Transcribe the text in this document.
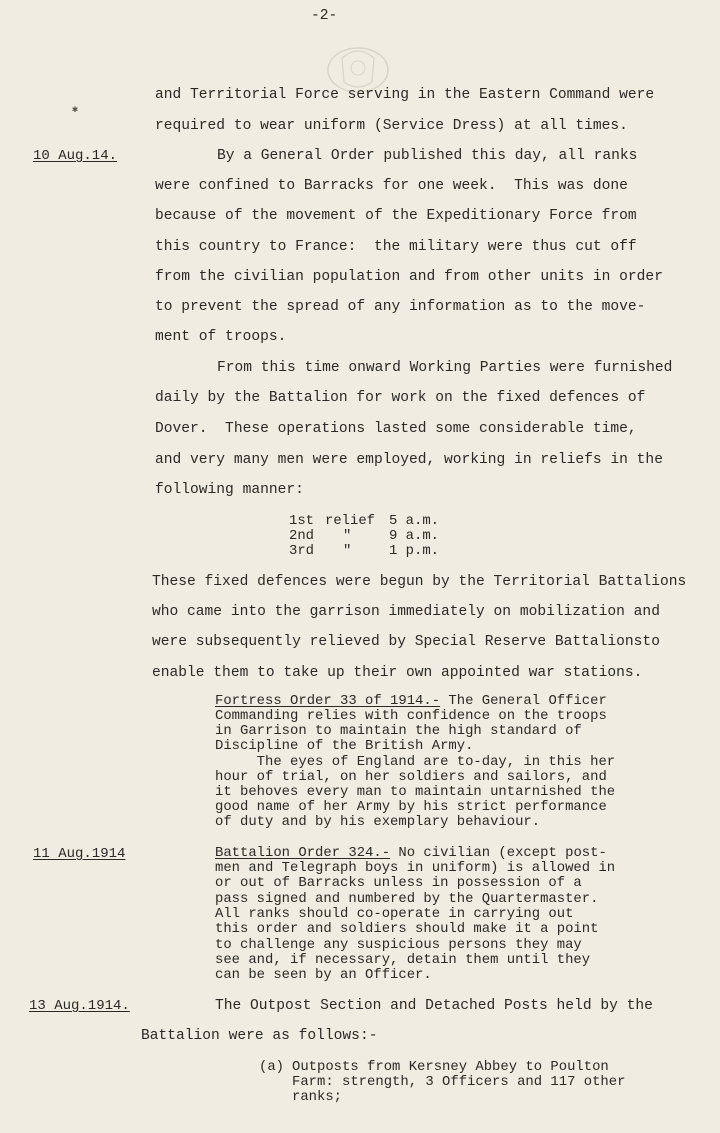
✱
-2-
and Territorial Force serving in the Eastern Command were
required to wear uniform (Service Dress) at all times.
10 Aug.14.	By a General Order published this day, all ranks
were confined to Barracks for one week.  This was done
because of the movement of the Expeditionary Force from
this country to France:  the military were thus cut off
from the civilian population and from other units in order
to prevent the spread of any information as to the move-
ment of troops.
From this time onward Working Parties were furnished
daily by the Battalion for work on the fixed defences of
Dover.  These operations lasted some considerable time,
and very many men were employed, working in reliefs in the
following manner:
1st relief 5 a.m.
2nd "	9 a.m.
3rd "	1 p.m.
These fixed defences were begun by the Territorial Battalions
who came into the garrison immediately on mobilization and
were subsequently relieved by Special Reserve Battalionsto
enable them to take up their own appointed war stations.
Fortress Order 33 of 1914.- The General Officer
Commanding relies with confidence on the troops
in Garrison to maintain the high standard of
Discipline of the British Army.
The eyes of England are to-day, in this her
hour of trial, on her soldiers and sailors, and
it behoves every man to maintain untarnished the
good name of her Army by his strict performance
of duty and by his exemplary behaviour.
11 Aug.1914	Battalion Order 324.- No civilian (except post-
men and Telegraph boys in uniform) is allowed in
or out of Barracks unless in possession of a
pass signed and numbered by the Quartermaster.
All ranks should co-operate in carrying out
this order and soldiers should make it a point
to challenge any suspicious persons they may
see and, if necessary, detain them until they
can be seen by an Officer.
13 Aug.1914.	The Outpost Section and Detached Posts held by the
Battalion were as follows:-
(a) Outposts from Kersney Abbey to Poulton
Farm: strength, 3 Officers and 117 other
ranks;
